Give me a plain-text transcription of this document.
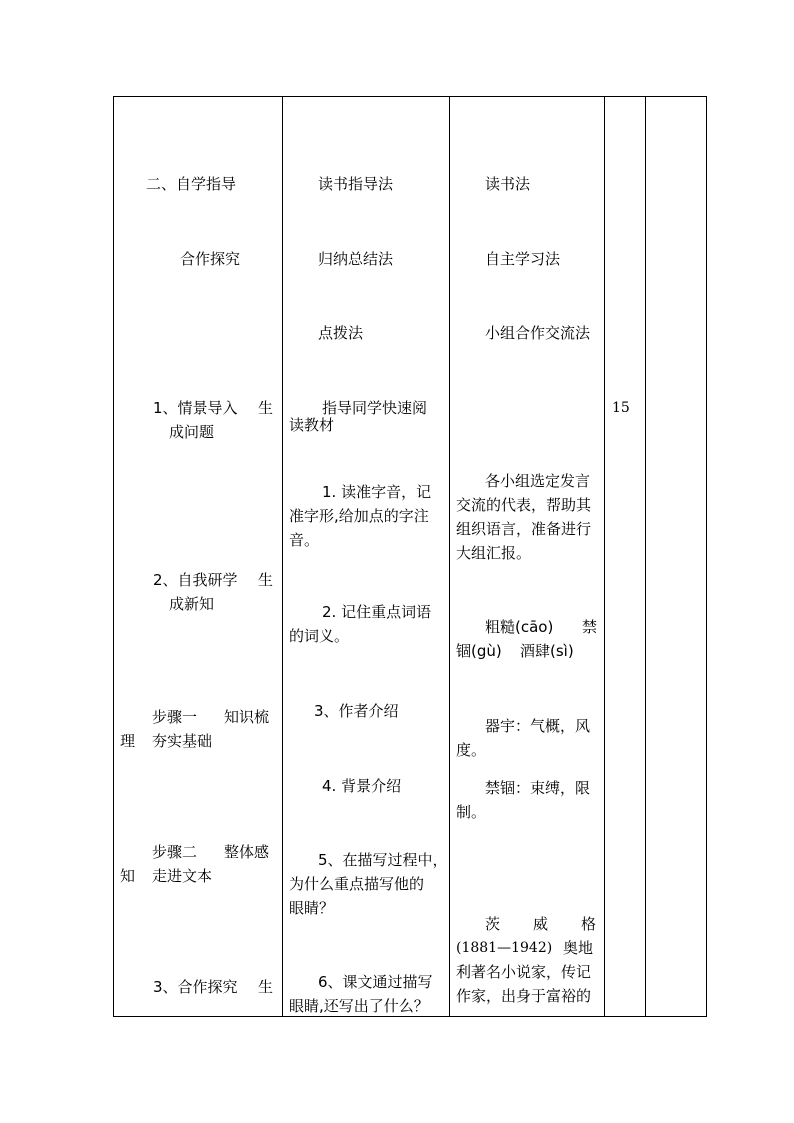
二、自学指导
合作探究
1、情景导入 生
成问题
2、自我研学 生
成新知
步骤一 知识梳
理 夯实基础
步骤二 整体感
知 走进文本
3、合作探究 生
读书指导法
归纳总结法
点拨法
指导同学快速阅
读教材
1. 读准字音，记
准字形,给加点的字注
音。
2. 记住重点词语
的词义。
3、作者介绍
4. 背景介绍
5、在描写过程中，
为什么重点描写他的
眼睛？
6、课文通过描写
眼睛,还写出了什么？
读书法
自主学习法
小组合作交流法
各小组选定发言
交流的代表，帮助其
组织语言，准备进行
大组汇报。
粗糙(cāo) 禁
锢(gù) 酒肆(sì)
器宇：气概，风
度。
禁锢：束缚，限
制。
茨 威 格
(1881—1942) 奥地
利著名小说家，传记
作家，出身于富裕的
15
